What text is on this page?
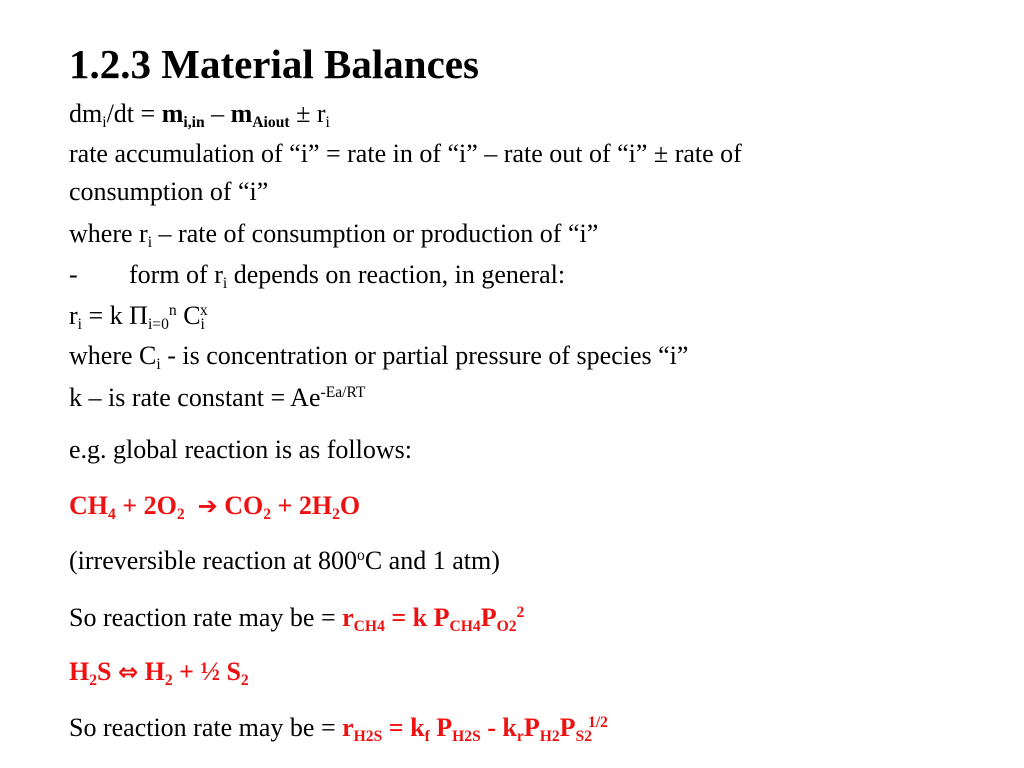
1.2.3 Material Balances
$dm_i/dt = m_{i,in} - m_{Aiout} \pm r_i$
rate accumulation of “i” = rate in of “i” – rate out of “i” ± rate of
consumption of “i”
where $r_i$ – rate of consumption or production of “i”
- form of $r_i$ depends on reaction, in general:
$r_i = k$ $\Pi_{i=0}^n$ $C_i^x$
where $C_i$ - is concentration or partial pressure of species “i”
k – is rate constant = $Ae^{-Ea/RT}$
e.g. global reaction is as follows:
$CH_4 + 2O_2$ ➔ $CO_2 + 2H_2O$
(irreversible reaction at 800$^o$C and 1 atm)
So reaction rate may be = $r_{CH4} = k$ $P_{CH4}P_{O2}^2$
$H_2S$ ⇔ $H_2$ + ½ $S_2$
So reaction rate may be = $r_{H2S} = k_f$ $P_{H2S} - k_rP_{H2}P_{S2}^{1/2}$
